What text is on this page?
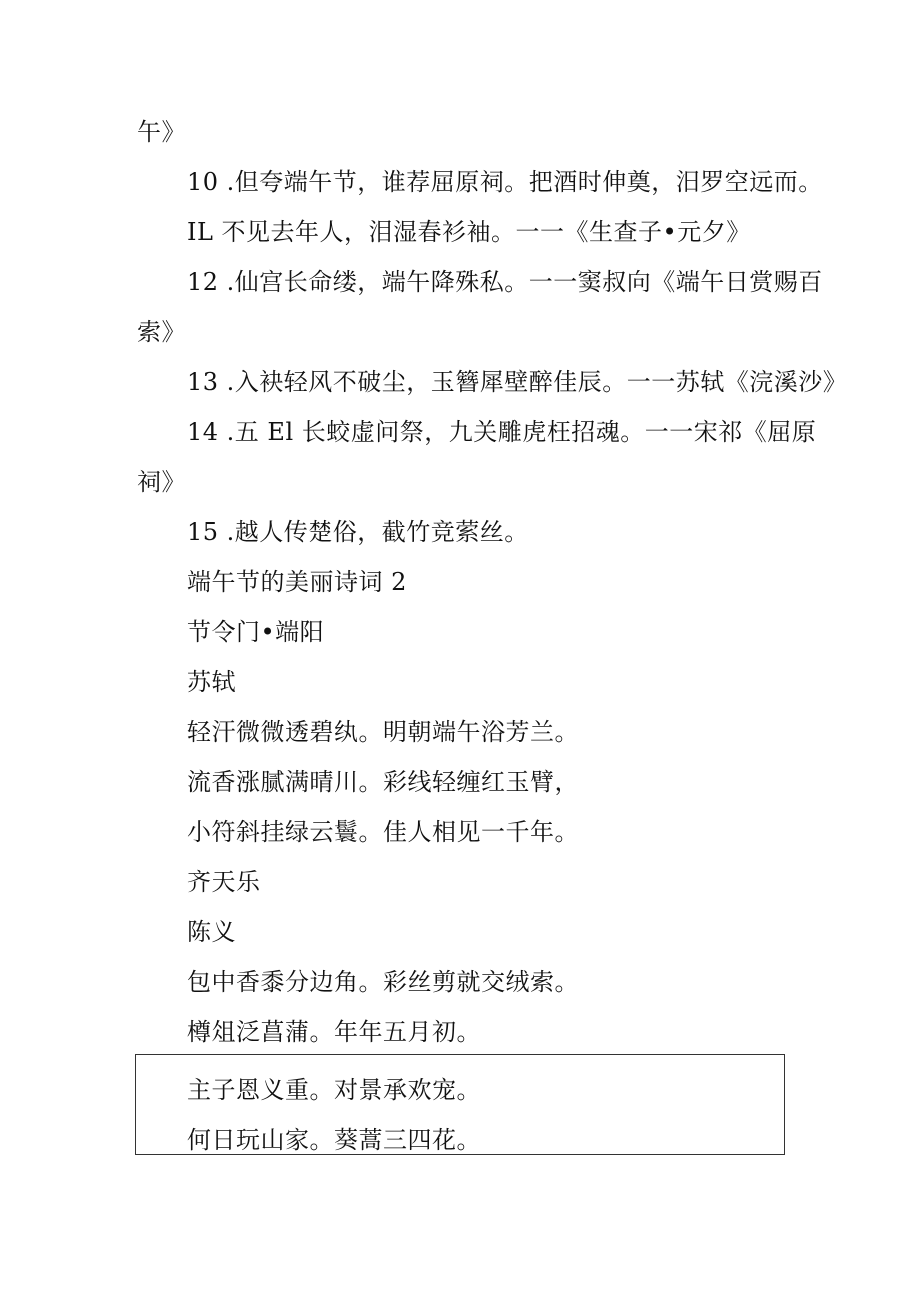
午》
10 .但夸端午节，谁荐屈原祠。把酒时伸奠，汨罗空远而。
IL 不见去年人，泪湿春衫袖。一一《生查子•元夕》
12 .仙宫长命缕，端午降殊私。一一窦叔向《端午日赏赐百
索》
13 .入袂轻风不破尘，玉簪犀壁醉佳辰。一一苏轼《浣溪沙》
14 .五 El 长蛟虚问祭，九关雕虎枉招魂。一一宋祁《屈原
祠》
15 .越人传楚俗，截竹竞萦丝。
端午节的美丽诗词 2
节令门•端阳
苏轼
轻汗微微透碧纨。明朝端午浴芳兰。
流香涨腻满晴川。彩线轻缠红玉臂，
小符斜挂绿云鬟。佳人相见一千年。
齐天乐
陈义
包中香黍分边角。彩丝剪就交绒索。
樽俎泛菖蒲。年年五月初。
主子恩义重。对景承欢宠。
何日玩山家。葵蒿三四花。
